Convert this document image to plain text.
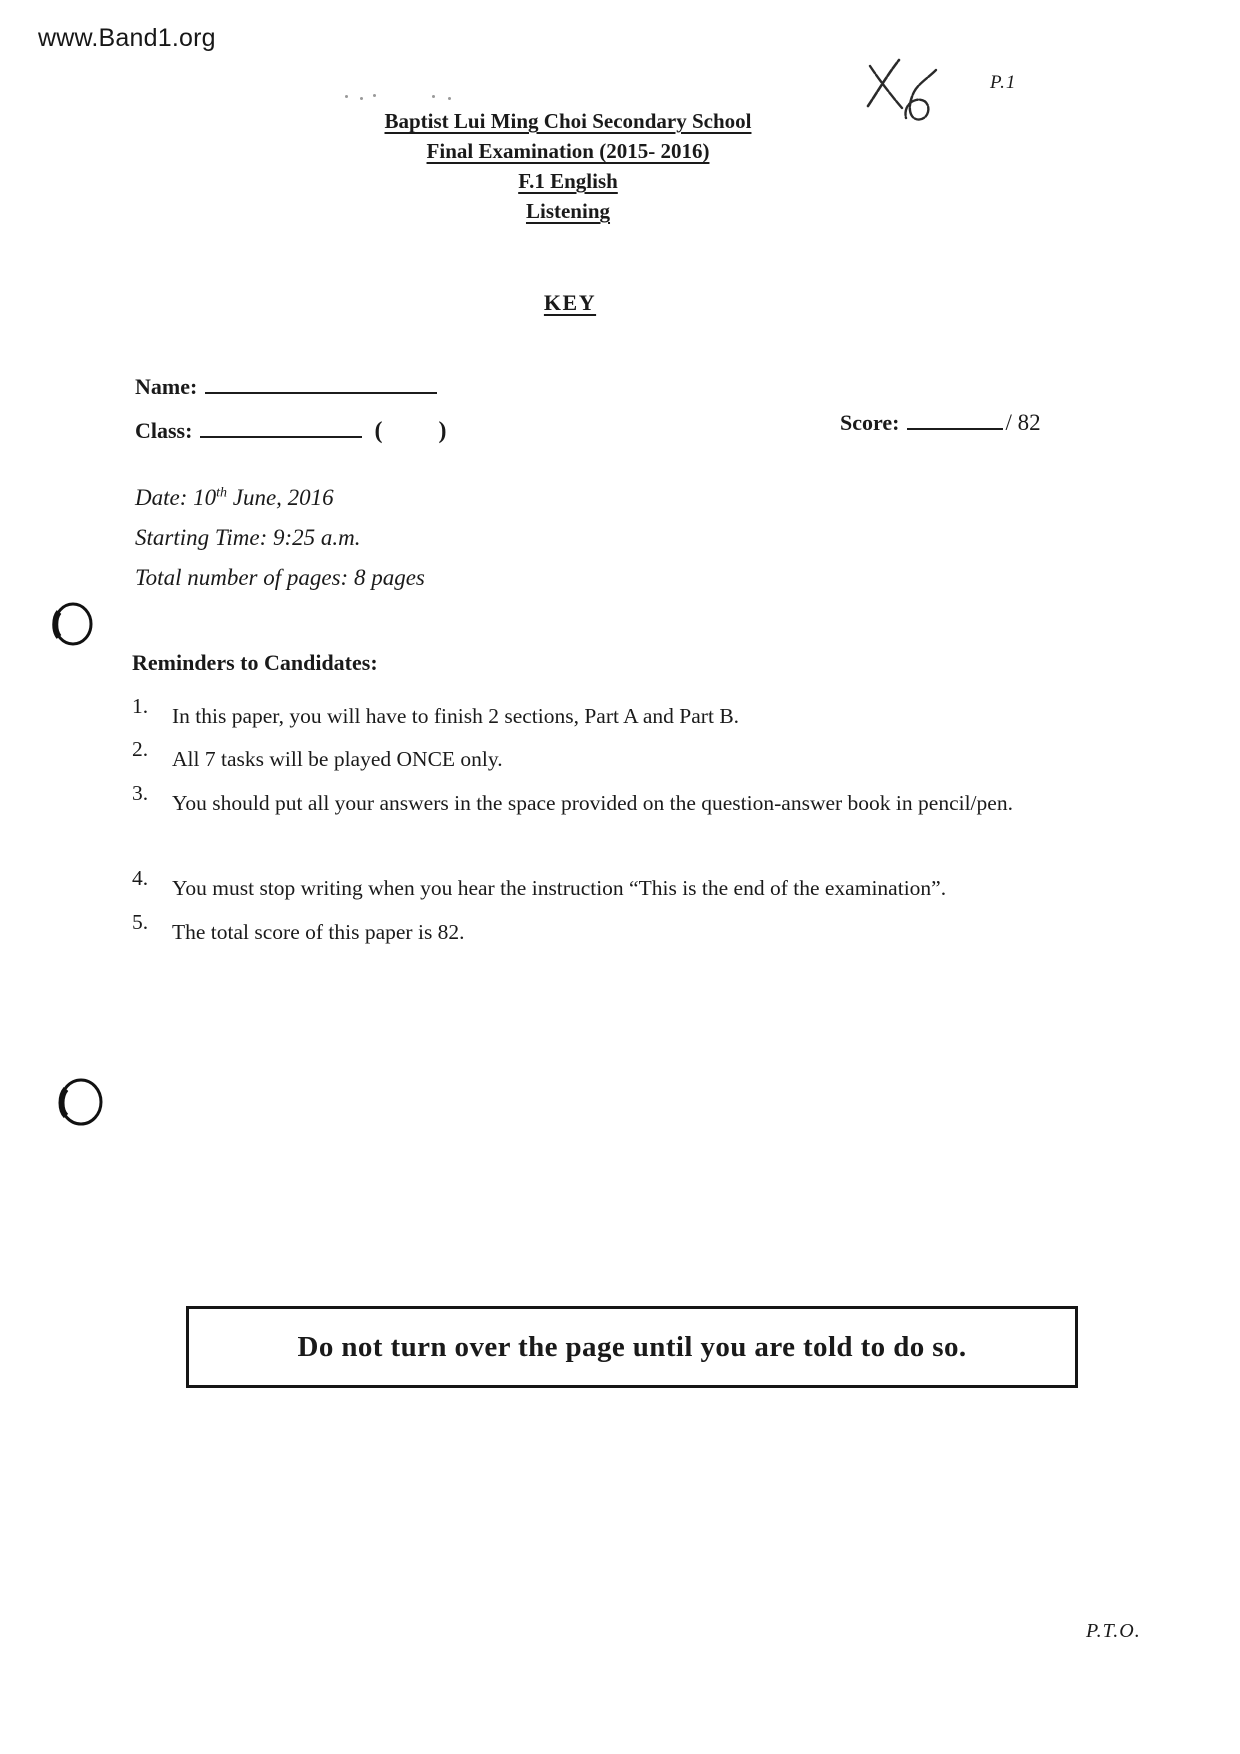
www.Band1.org
P.1
Baptist Lui Ming Choi Secondary School
Final Examination (2015- 2016)
F.1 English
Listening
KEY
Name:
Class:	( )	Score:	/ 82
Date: 10th June, 2016
Starting Time: 9:25 a.m.
Total number of pages: 8 pages
Reminders to Candidates:
1. In this paper, you will have to finish 2 sections, Part A and Part B.
2. All 7 tasks will be played ONCE only.
3. You should put all your answers in the space provided on the question-answer book in pencil/pen.
4. You must stop writing when you hear the instruction “This is the end of the examination”.
5. The total score of this paper is 82.
Do not turn over the page until you are told to do so.
P.T.O.
